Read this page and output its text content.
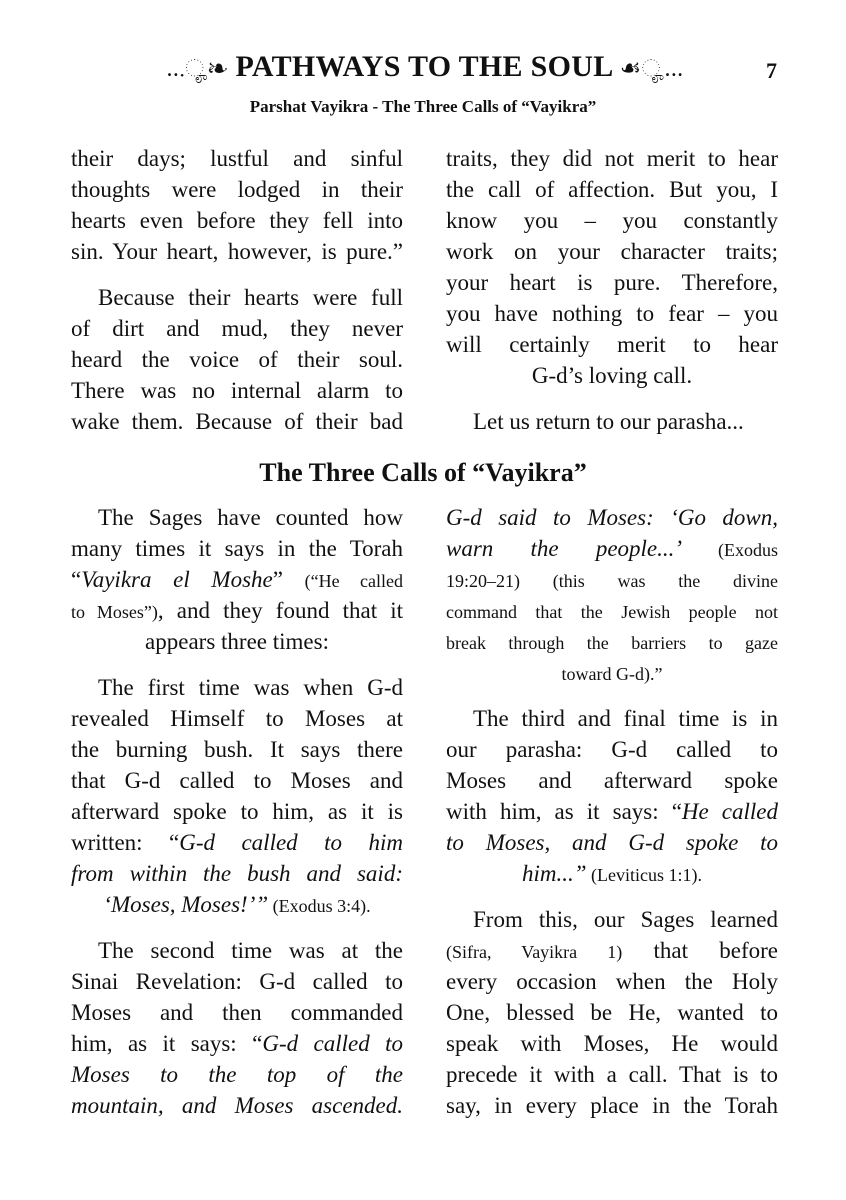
...ೄ❧ PATHWAYS TO THE SOUL ☙ೄ...	7
Parshat Vayikra - The Three Calls of “Vayikra”
their days; lustful and sinful
thoughts were lodged in their
hearts even before they fell into
sin. Your heart, however, is pure.”
Because their hearts were full
of dirt and mud, they never
heard the voice of their soul.
There was no internal alarm to
wake them. Because of their bad
traits, they did not merit to hear
the call of affection. But you, I
know you – you constantly
work on your character traits;
your heart is pure. Therefore,
you have nothing to fear – you
will certainly merit to hear
G-d’s loving call.
Let us return to our parasha...
The Three Calls of “Vayikra”
The Sages have counted how
many times it says in the Torah
“Vayikra el Moshe” (“He called
to Moses”), and they found that it
appears three times:
The first time was when G-d
revealed Himself to Moses at
the burning bush. It says there
that G-d called to Moses and
afterward spoke to him, as it is
written: “G-d called to him
from within the bush and said:
‘Moses, Moses!’” (Exodus 3:4).
The second time was at the
Sinai Revelation: G-d called to
Moses and then commanded
him, as it says: “G-d called to
Moses to the top of the
mountain, and Moses ascended.
G-d said to Moses: ‘Go down,
warn the people...’ (Exodus
19:20–21) (this was the divine
command that the Jewish people not
break through the barriers to gaze
toward G-d).”
The third and final time is in
our parasha: G-d called to
Moses and afterward spoke
with him, as it says: “He called
to Moses, and G-d spoke to
him...” (Leviticus 1:1).
From this, our Sages learned
(Sifra, Vayikra 1) that before
every occasion when the Holy
One, blessed be He, wanted to
speak with Moses, He would
precede it with a call. That is to
say, in every place in the Torah
